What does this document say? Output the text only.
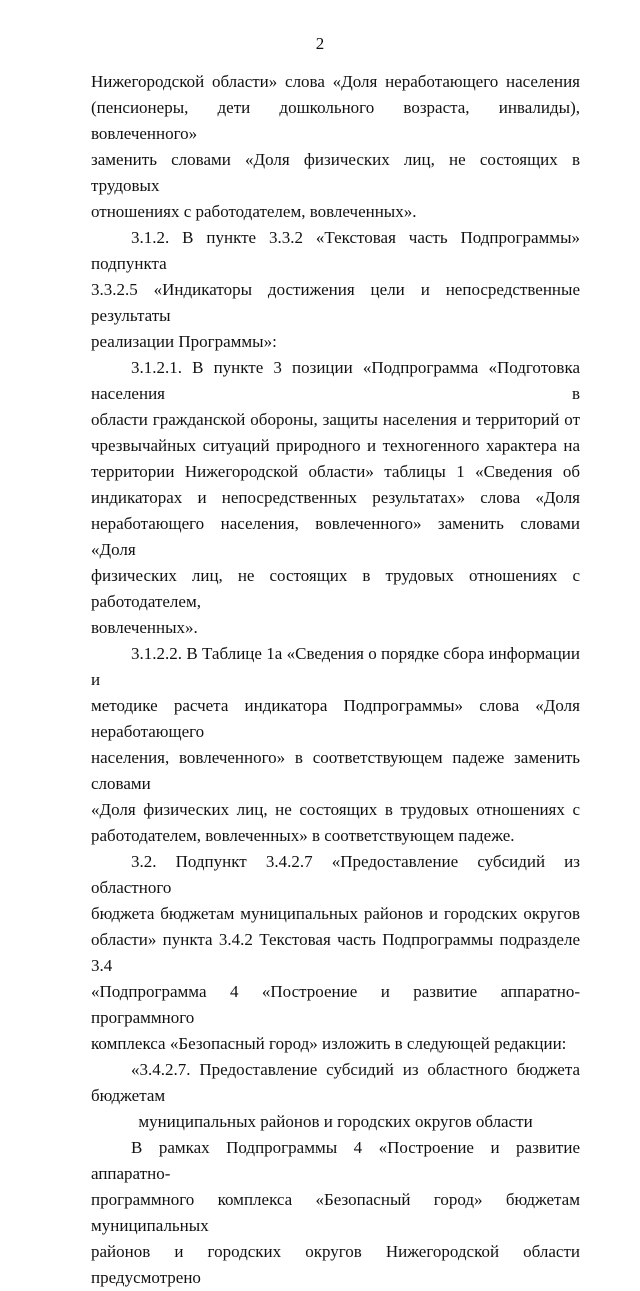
2
Нижегородской области» слова «Доля неработающего населения
(пенсионеры, дети дошкольного возраста, инвалиды), вовлеченного»
заменить словами «Доля физических лиц, не состоящих в трудовых
отношениях с работодателем, вовлеченных».
3.1.2. В пункте 3.3.2 «Текстовая часть Подпрограммы» подпункта
3.3.2.5 «Индикаторы достижения цели и непосредственные результаты
реализации Программы»:
3.1.2.1. В пункте 3 позиции «Подпрограмма «Подготовка населения в
области гражданской обороны, защиты населения и территорий от
чрезвычайных ситуаций природного и техногенного характера на
территории Нижегородской области» таблицы 1 «Сведения об
индикаторах и непосредственных результатах» слова «Доля
неработающего населения, вовлеченного» заменить словами «Доля
физических лиц, не состоящих в трудовых отношениях с работодателем,
вовлеченных».
3.1.2.2. В Таблице 1а «Сведения о порядке сбора информации и
методике расчета индикатора Подпрограммы» слова «Доля неработающего
населения, вовлеченного» в соответствующем падеже заменить словами
«Доля физических лиц, не состоящих в трудовых отношениях с
работодателем, вовлеченных» в соответствующем падеже.
3.2. Подпункт 3.4.2.7 «Предоставление субсидий из областного
бюджета бюджетам муниципальных районов и городских округов
области» пункта 3.4.2 Текстовая часть Подпрограммы подразделе 3.4
«Подпрограмма 4 «Построение и развитие аппаратно-программного
комплекса «Безопасный город» изложить в следующей редакции:
«3.4.2.7. Предоставление субсидий из областного бюджета бюджетам
муниципальных районов и городских округов области
В рамках Подпрограммы 4 «Построение и развитие аппаратно-
программного комплекса «Безопасный город» бюджетам муниципальных
районов и городских округов Нижегородской области предусмотрено
